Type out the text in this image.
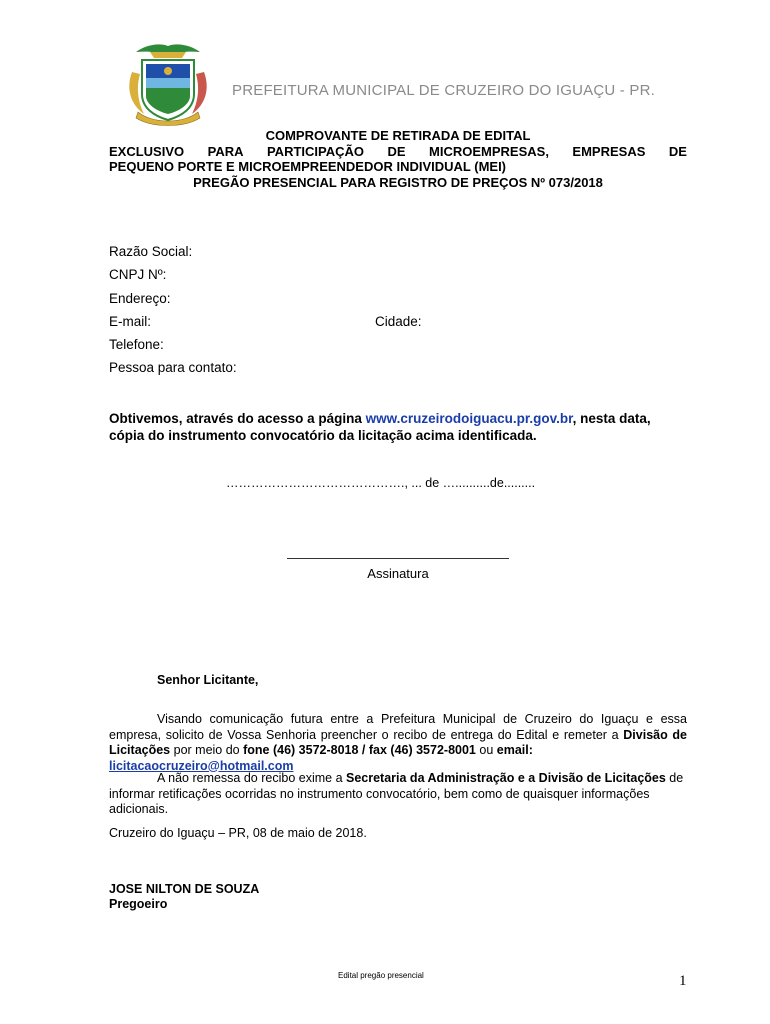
PREFEITURA MUNICIPAL DE CRUZEIRO DO IGUAÇU - PR.
COMPROVANTE DE RETIRADA DE EDITAL
EXCLUSIVO PARA PARTICIPAÇÃO DE MICROEMPRESAS, EMPRESAS DE
PEQUENO PORTE E MICROEMPREENDEDOR INDIVIDUAL (MEI)
PREGÃO PRESENCIAL PARA REGISTRO DE PREÇOS Nº 073/2018
Razão Social:
CNPJ Nº:
Endereço:
E-mail:	Cidade:
Telefone:
Pessoa para contato:
Obtivemos, através do acesso a página www.cruzeirodoiguacu.pr.gov.br, nesta data, cópia do instrumento convocatório da licitação acima identificada.
……………………………………., ... de …..........de.........
Assinatura
Senhor Licitante,
Visando comunicação futura entre a Prefeitura Municipal de Cruzeiro do Iguaçu e essa empresa, solicito de Vossa Senhoria preencher o recibo de entrega do Edital e remeter a Divisão de Licitações por meio do fone (46) 3572-8018 / fax (46) 3572-8001 ou email:
licitacaocruzeiro@hotmail.com
A não remessa do recibo exime a Secretaria da Administração e a Divisão de Licitações de informar retificações ocorridas no instrumento convocatório, bem como de quaisquer informações adicionais.
Cruzeiro do Iguaçu – PR, 08 de maio de 2018.
JOSE NILTON DE SOUZA
Pregoeiro
Edital pregão presencial	1
